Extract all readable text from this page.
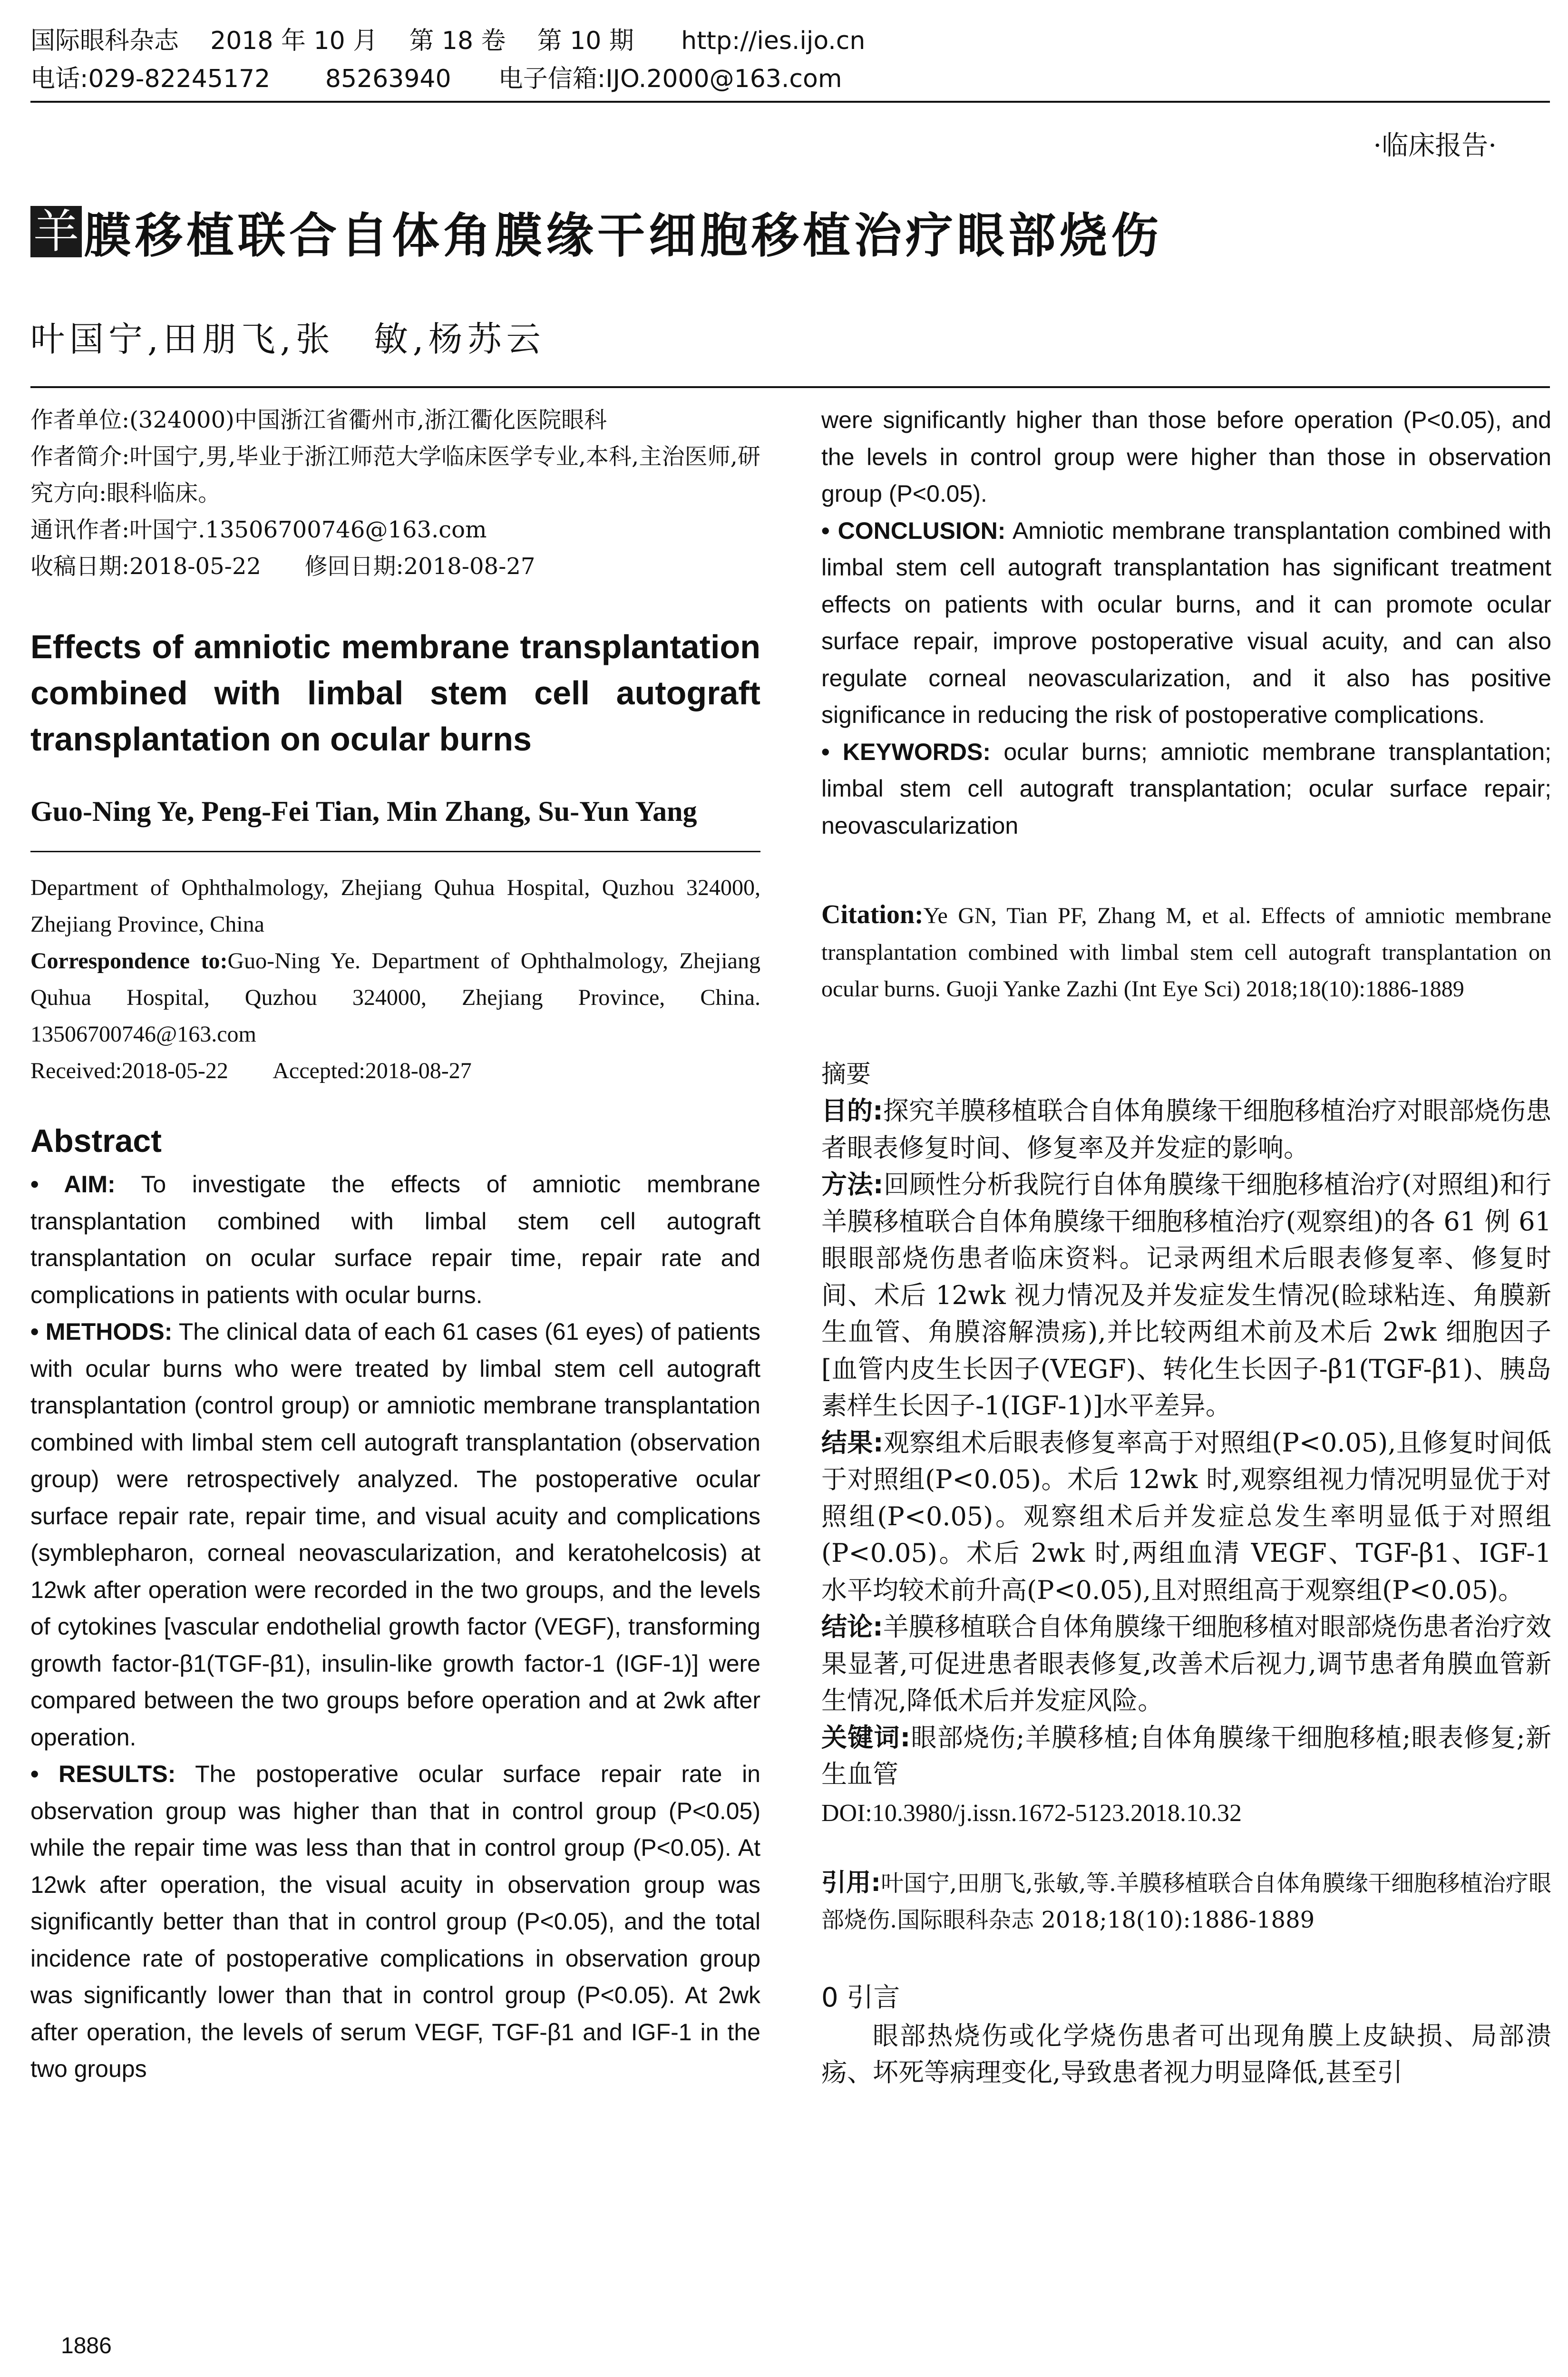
国际眼科杂志    2018 年 10 月    第 18 卷    第 10 期      http://ies.ijo.cn
电话:029-82245172       85263940      电子信箱:IJO.2000@163.com
·临床报告·
羊 膜移植联合自体角膜缘干细胞移植治疗眼部烧伤
叶国宁,田朋飞,张　敏,杨苏云

作者单位:(324000)中国浙江省衢州市,浙江衢化医院眼科

作者简介:叶国宁,男,毕业于浙江师范大学临床医学专业,本科,主治医师,研究方向:眼科临床。

通讯作者:叶国宁.13506700746@163.com

收稿日期:2018-05-22      修回日期:2018-08-27

Effects of amniotic membrane transplantation combined with limbal stem cell autograft transplantation on ocular burns

Guo-Ning Ye, Peng-Fei Tian, Min Zhang, Su-Yun Yang

Department of Ophthalmology, Zhejiang Quhua Hospital, Quzhou 324000, Zhejiang Province, China

Correspondence to:Guo-Ning Ye. Department of Ophthalmology, Zhejiang Quhua Hospital, Quzhou 324000, Zhejiang Province, China. 13506700746@163.com

Received:2018-05-22        Accepted:2018-08-27

Abstract

• AIM: To investigate the effects of amniotic membrane transplantation combined with limbal stem cell autograft transplantation on ocular surface repair time, repair rate and complications in patients with ocular burns.

• METHODS: The clinical data of each 61 cases (61 eyes) of patients with ocular burns who were treated by limbal stem cell autograft transplantation (control group) or amniotic membrane transplantation combined with limbal stem cell autograft transplantation (observation group) were retrospectively analyzed. The postoperative ocular surface repair rate, repair time, and visual acuity and complications (symblepharon, corneal neovascularization, and keratohelcosis) at 12wk after operation were recorded in the two groups, and the levels of cytokines [vascular endothelial growth factor (VEGF), transforming growth factor-β1(TGF-β1), insulin-like growth factor-1 (IGF-1)] were compared between the two groups before operation and at 2wk after operation.

• RESULTS: The postoperative ocular surface repair rate in observation group was higher than that in control group (P<0.05) while the repair time was less than that in control group (P<0.05). At 12wk after operation, the visual acuity in observation group was significantly better than that in control group (P<0.05), and the total incidence rate of postoperative complications in observation group was significantly lower than that in control group (P<0.05). At 2wk after operation, the levels of serum VEGF, TGF-β1 and IGF-1 in the two groups

were significantly higher than those before operation (P<0.05), and the levels in control group were higher than those in observation group (P<0.05).

• CONCLUSION: Amniotic membrane transplantation combined with limbal stem cell autograft transplantation has significant treatment effects on patients with ocular burns, and it can promote ocular surface repair, improve postoperative visual acuity, and can also regulate corneal neovascularization, and it also has positive significance in reducing the risk of postoperative complications.

• KEYWORDS: ocular burns; amniotic membrane transplantation; limbal stem cell autograft transplantation; ocular surface repair; neovascularization

Citation:Ye GN, Tian PF, Zhang M, et al. Effects of amniotic membrane transplantation combined with limbal stem cell autograft transplantation on ocular burns. Guoji Yanke Zazhi (Int Eye Sci) 2018;18(10):1886-1889

摘要

目的:探究羊膜移植联合自体角膜缘干细胞移植治疗对眼部烧伤患者眼表修复时间、修复率及并发症的影响。

方法:回顾性分析我院行自体角膜缘干细胞移植治疗(对照组)和行羊膜移植联合自体角膜缘干细胞移植治疗(观察组)的各 61 例 61 眼眼部烧伤患者临床资料。记录两组术后眼表修复率、修复时间、术后 12wk 视力情况及并发症发生情况(睑球粘连、角膜新生血管、角膜溶解溃疡),并比较两组术前及术后 2wk 细胞因子[血管内皮生长因子(VEGF)、转化生长因子-β1(TGF-β1)、胰岛素样生长因子-1(IGF-1)]水平差异。

结果:观察组术后眼表修复率高于对照组(P<0.05),且修复时间低于对照组(P<0.05)。术后 12wk 时,观察组视力情况明显优于对照组(P<0.05)。观察组术后并发症总发生率明显低于对照组(P<0.05)。术后 2wk 时,两组血清 VEGF、TGF-β1、IGF-1 水平均较术前升高(P<0.05),且对照组高于观察组(P<0.05)。

结论:羊膜移植联合自体角膜缘干细胞移植对眼部烧伤患者治疗效果显著,可促进患者眼表修复,改善术后视力,调节患者角膜血管新生情况,降低术后并发症风险。

关键词:眼部烧伤;羊膜移植;自体角膜缘干细胞移植;眼表修复;新生血管

DOI:10.3980/j.issn.1672-5123.2018.10.32

引用:叶国宁,田朋飞,张敏,等.羊膜移植联合自体角膜缘干细胞移植治疗眼部烧伤.国际眼科杂志 2018;18(10):1886-1889

0 引言

眼部热烧伤或化学烧伤患者可出现角膜上皮缺损、局部溃疡、坏死等病理变化,导致患者视力明显降低,甚至引

1886
